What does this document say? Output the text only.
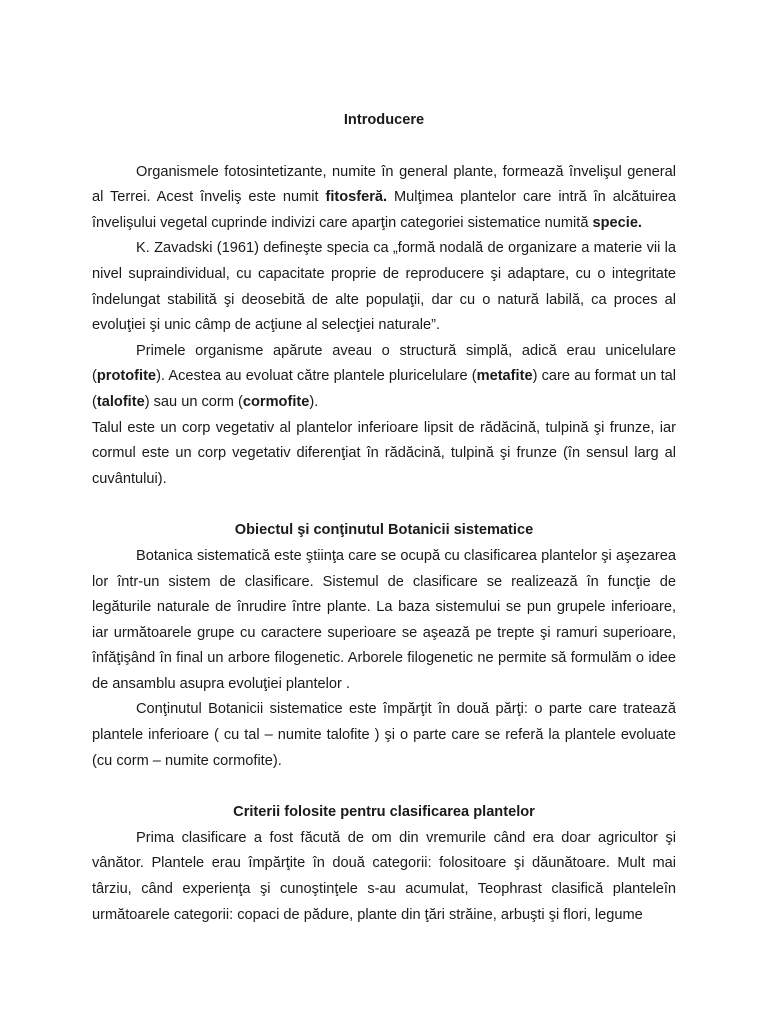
Introducere

Organismele fotosintetizante, numite în general plante, formează învelişul general al Terrei. Acest înveliş este numit fitosferă. Mulţimea plantelor care intră în alcătuirea învelişului vegetal cuprinde indivizi care aparţin categoriei sistematice numită specie.

K. Zavadski (1961) defineşte specia ca „formă nodală de organizare a materie vii la nivel supraindividual, cu capacitate proprie de reproducere şi adaptare, cu o integritate îndelungat stabilită şi deosebită de alte populaţii, dar cu o natură labilă, ca proces al evoluţiei şi unic câmp de acţiune al selecţiei naturale”.

Primele organisme apărute aveau o structură simplă, adică erau unicelulare (protofite). Acestea au evoluat către plantele pluricelulare (metafite) care au format un tal (talofite) sau un corm (cormofite).

Talul este un corp vegetativ al plantelor inferioare lipsit de rădăcină, tulpină şi frunze, iar cormul este un corp vegetativ diferenţiat în rădăcină, tulpină şi frunze (în sensul larg al cuvântului).

Obiectul şi conţinutul Botanicii sistematice

Botanica sistematică este ştiinţa care se ocupă cu clasificarea plantelor şi aşezarea lor într-un sistem de clasificare. Sistemul de clasificare se realizează în funcţie de legăturile naturale de înrudire între plante. La baza sistemului se pun grupele inferioare, iar următoarele grupe cu caractere superioare se aşează pe trepte şi ramuri superioare, înfăţişând în final un arbore filogenetic. Arborele filogenetic ne permite să formulăm o idee de ansamblu asupra evoluţiei plantelor .

Conţinutul Botanicii sistematice este împărţit în două părţi: o parte care tratează plantele inferioare ( cu tal – numite talofite ) şi o parte care se referă la plantele evoluate (cu corm – numite cormofite).

Criterii folosite pentru clasificarea plantelor

Prima clasificare a fost făcută de om din vremurile când era doar agricultor şi vânător. Plantele erau împărţite în două categorii: folositoare şi dăunătoare. Mult mai târziu, când experienţa şi cunoştinţele s-au acumulat, Teophrast clasifică planteleîn următoarele categorii: copaci de pădure, plante din ţări străine, arbuşti şi flori, legume
